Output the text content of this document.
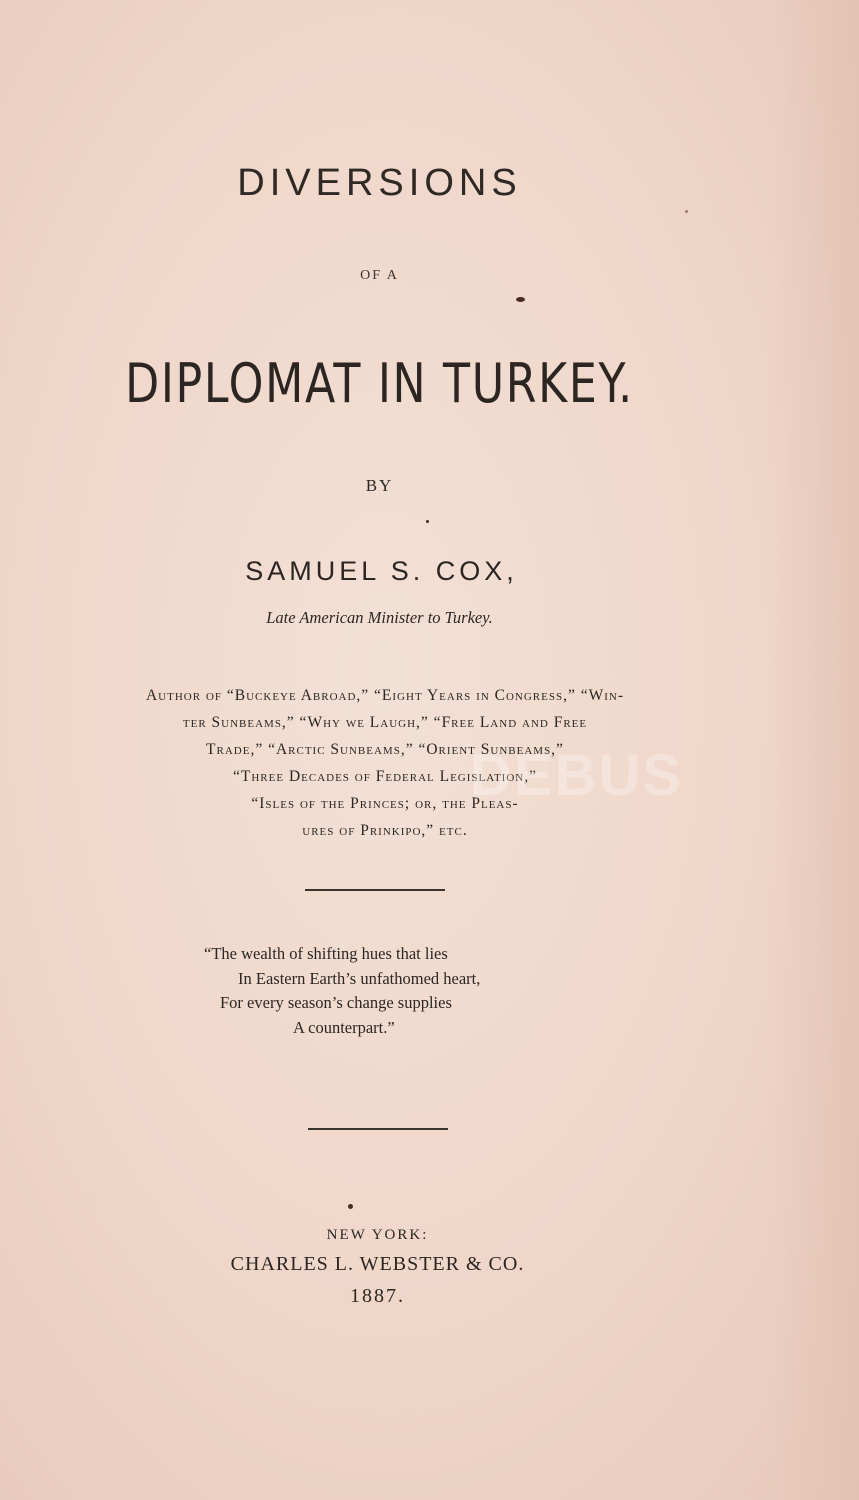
DIVERSIONS
OF A
DIPLOMAT IN TURKEY.
BY
SAMUEL S. COX,
Late American Minister to Turkey.

Author of “Buckeye Abroad,” “Eight Years in Congress,” “Win-

ter Sunbeams,” “Why we Laugh,” “Free Land and Free

Trade,” “Arctic Sunbeams,” “Orient Sunbeams,”

“Three Decades of Federal Legislation,”

“Isles of the Princes; or, the Pleas-

ures of Prinkipo,” etc.

DEBUS

“The wealth of shifting hues that lies

In Eastern Earth’s unfathomed heart,

For every season’s change supplies

A counterpart.”

NEW YORK:
CHARLES L. WEBSTER & CO.
1887.
